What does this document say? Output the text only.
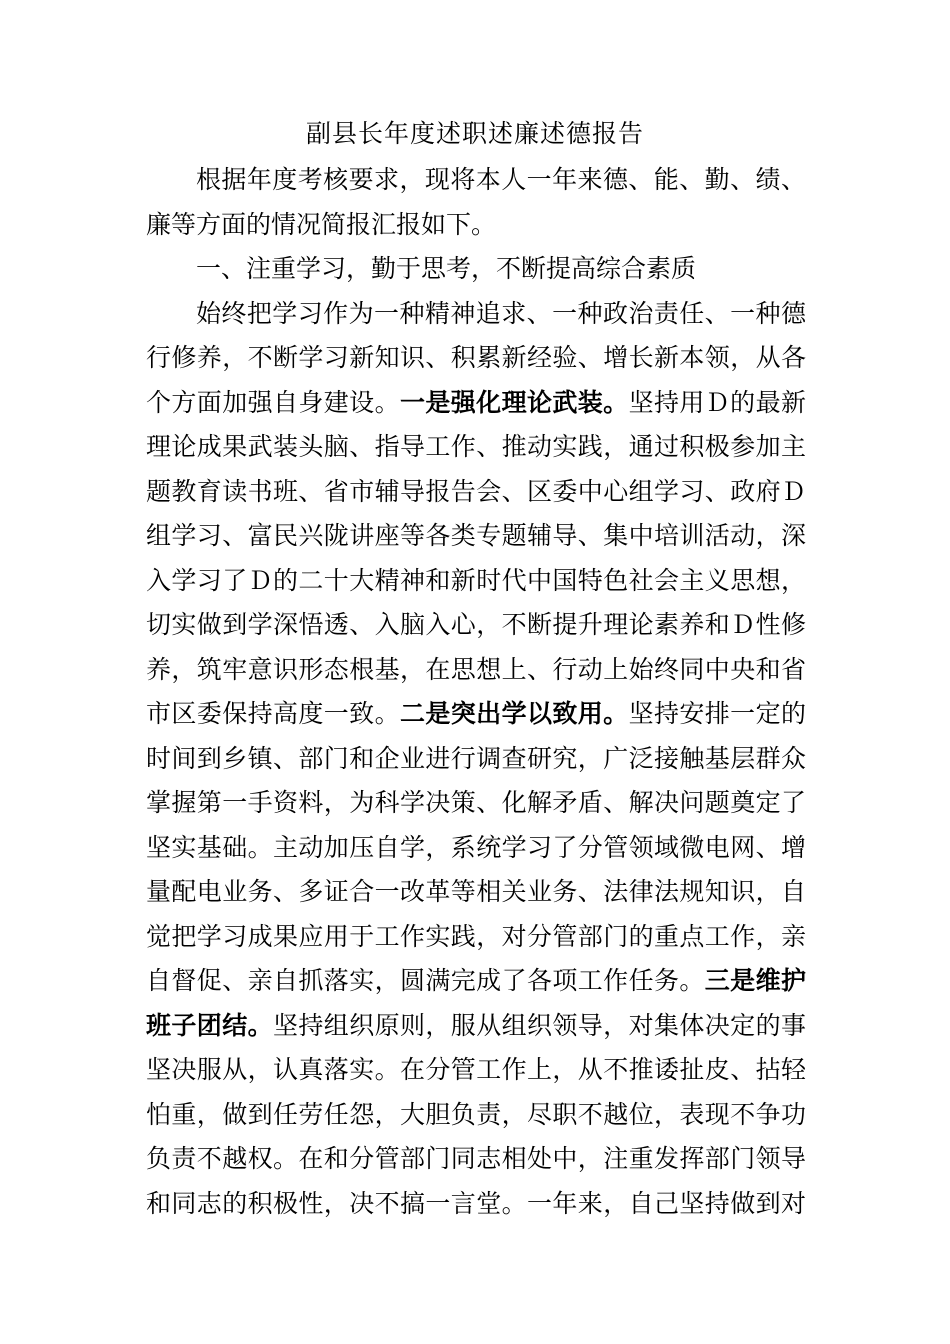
副县长年度述职述廉述德报告
根据年度考核要求，现将本人一年来德、能、勤、绩、
廉等方面的情况简报汇报如下。
一、注重学习，勤于思考，不断提高综合素质
始终把学习作为一种精神追求、一种政治责任、一种德
行修养，不断学习新知识、积累新经验、增长新本领，从各
个方面加强自身建设。一是强化理论武装。坚持用Ｄ的最新
理论成果武装头脑、指导工作、推动实践，通过积极参加主
题教育读书班、省市辅导报告会、区委中心组学习、政府Ｄ
组学习、富民兴陇讲座等各类专题辅导、集中培训活动，深
入学习了Ｄ的二十大精神和新时代中国特色社会主义思想，
切实做到学深悟透、入脑入心，不断提升理论素养和Ｄ性修
养，筑牢意识形态根基，在思想上、行动上始终同中央和省
市区委保持高度一致。二是突出学以致用。坚持安排一定的
时间到乡镇、部门和企业进行调查研究，广泛接触基层群众
掌握第一手资料，为科学决策、化解矛盾、解决问题奠定了
坚实基础。主动加压自学，系统学习了分管领域微电网、增
量配电业务、多证合一改革等相关业务、法律法规知识，自
觉把学习成果应用于工作实践，对分管部门的重点工作，亲
自督促、亲自抓落实，圆满完成了各项工作任务。三是维护
班子团结。坚持组织原则，服从组织领导，对集体决定的事
坚决服从，认真落实。在分管工作上，从不推诿扯皮、拈轻
怕重，做到任劳任怨，大胆负责，尽职不越位，表现不争功
负责不越权。在和分管部门同志相处中，注重发挥部门领导
和同志的积极性，决不搞一言堂。一年来，自己坚持做到对
